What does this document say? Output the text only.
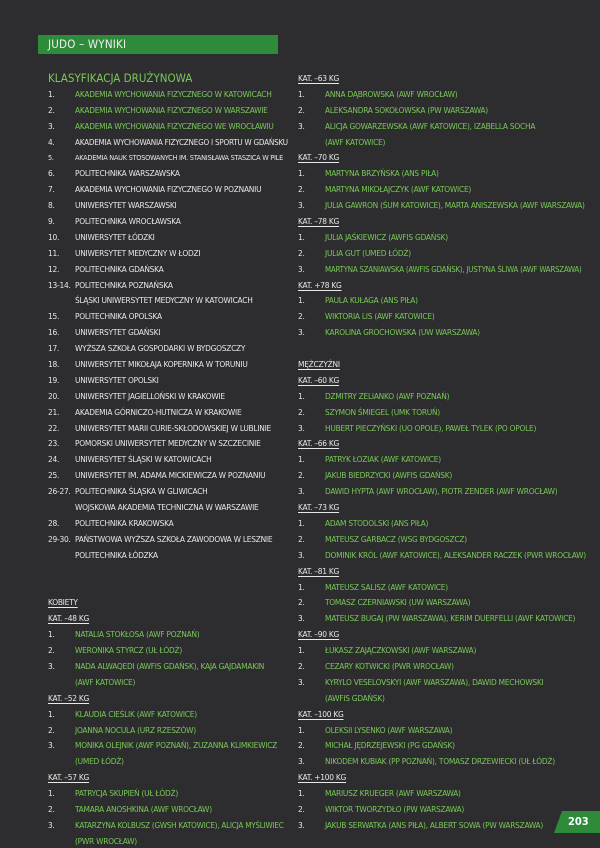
JUDO – WYNIKI
KLASYFIKACJA DRUŻYNOWA
1.	AKADEMIA WYCHOWANIA FIZYCZNEGO W KATOWICACH
2.	AKADEMIA WYCHOWANIA FIZYCZNEGO W WARSZAWIE
3.	AKADEMIA WYCHOWANIA FIZYCZNEGO WE WROCŁAWIU
4.	AKADEMIA WYCHOWANIA FIZYCZNEGO I SPORTU W GDAŃSKU
5.	AKADEMIA NAUK STOSOWANYCH IM. STANISŁAWA STASZICA W PILE
6.	POLITECHNIKA WARSZAWSKA
7.	AKADEMIA WYCHOWANIA FIZYCZNEGO W POZNANIU
8.	UNIWERSYTET WARSZAWSKI
9.	POLITECHNIKA WROCŁAWSKA
10.	UNIWERSYTET ŁÓDZKI
11.	UNIWERSYTET MEDYCZNY W ŁODZI
12.	POLITECHNIKA GDAŃSKA
13-14. POLITECHNIKA POZNAŃSKA
ŚLĄSKI UNIWERSYTET MEDYCZNY W KATOWICACH
15.	POLITECHNIKA OPOLSKA
16.	UNIWERSYTET GDAŃSKI
17.	WYŻSZA SZKOŁA GOSPODARKI W BYDGOSZCZY
18.	UNIWERSYTET MIKOŁAJA KOPERNIKA W TORUNIU
19.	UNIWERSYTET OPOLSKI
20.	UNIWERSYTET JAGIELLOŃSKI W KRAKOWIE
21.	AKADEMIA GÓRNICZO-HUTNICZA W KRAKOWIE
22.	UNIWERSYTET MARII CURIE-SKŁODOWSKIEJ W LUBLINIE
23.	POMORSKI UNIWERSYTET MEDYCZNY W SZCZECINIE
24.	UNIWERSYTET ŚLĄSKI W KATOWICACH
25.	UNIWERSYTET IM. ADAMA MICKIEWICZA W POZNANIU
26-27. POLITECHNIKA ŚLĄSKA W GLIWICACH
WOJSKOWA AKADEMIA TECHNICZNA W WARSZAWIE
28.	POLITECHNIKA KRAKOWSKA
29-30. PAŃSTWOWA WYŻSZA SZKOŁA ZAWODOWA W LESZNIE
POLITECHNIKA ŁÓDZKA
KOBIETY
KAT. –48 KG
1.	NATALIA STOKŁOSA (AWF POZNAŃ)
2.	WERONIKA STYRCZ (UŁ ŁÓDŹ)
3.	NADA ALWAQEDI (AWFIS GDAŃSK), KAJA GAJDAMAKIN
(AWF KATOWICE)
KAT. –52 KG
1.	KLAUDIA CIEŚLIK (AWF KATOWICE)
2.	JOANNA NOCULA (URZ RZESZÓW)
3.	MONIKA OLEJNIK (AWF POZNAŃ), ZUZANNA KLIMKIEWICZ
(UMED ŁÓDŹ)
KAT. –57 KG
1.	PATRYCJA SKUPIEŃ (UŁ ŁÓDŹ)
2.	TAMARA ANOSHKINA (AWF WROCŁAW)
3.	KATARZYNA KOLBUSZ (GWSH KATOWICE), ALICJA MYŚLIWIEC
(PWR WROCŁAW)
KAT. –63 KG
1.	ANNA DĄBROWSKA (AWF WROCŁAW)
2.	ALEKSANDRA SOKOŁOWSKA (PW WARSZAWA)
3.	ALICJA GOWARZEWSKA (AWF KATOWICE), IZABELLA SOCHA
(AWF KATOWICE)
KAT. –70 KG
1.	MARTYNA BRZYŃSKA (ANS PIŁA)
2.	MARTYNA MIKOŁAJCZYK (AWF KATOWICE)
3.	JULIA GAWRON (ŚUM KATOWICE), MARTA ANISZEWSKA (AWF WARSZAWA)
KAT. –78 KG
1.	JULIA JAŚKIEWICZ (AWFIS GDAŃSK)
2.	JULIA GUT (UMED ŁÓDŹ)
3.	MARTYNA SZANIAWSKA (AWFIS GDAŃSK), JUSTYNA ŚLIWA (AWF WARSZAWA)
KAT. +78 KG
1.	PAULA KUŁAGA (ANS PIŁA)
2.	WIKTORIA LIS (AWF KATOWICE)
3.	KAROLINA GROCHOWSKA (UW WARSZAWA)
MĘŻCZYŹNI
KAT. –60 KG
1.	DZMITRY ZELIANKO (AWF POZNAŃ)
2.	SZYMON ŚMIEGEL (UMK TORUŃ)
3.	HUBERT PIECZYŃSKI (UO OPOLE), PAWEŁ TYLEK (PO OPOLE)
KAT. –66 KG
1.	PATRYK ŁOZIAK (AWF KATOWICE)
2.	JAKUB BIEDRZYCKI (AWFIS GDAŃSK)
3.	DAWID HYPTA (AWF WROCŁAW), PIOTR ZENDER (AWF WROCŁAW)
KAT. –73 KG
1.	ADAM STODOLSKI (ANS PIŁA)
2.	MATEUSZ GARBACZ (WSG BYDGOSZCZ)
3.	DOMINIK KRÓL (AWF KATOWICE), ALEKSANDER RACZEK (PWR WROCŁAW)
KAT. –81 KG
1.	MATEUSZ SALISZ (AWF KATOWICE)
2.	TOMASZ CZERNIAWSKI (UW WARSZAWA)
3.	MATEUSZ BUGAJ (PW WARSZAWA), KERIM DUERFELLI (AWF KATOWICE)
KAT. –90 KG
1.	ŁUKASZ ZAJĄCZKOWSKI (AWF WARSZAWA)
2.	CEZARY KOTWICKI (PWR WROCŁAW)
3.	KYRYLO VESELOVSKYI (AWF WARSZAWA), DAWID MECHOWSKI
(AWFIS GDAŃSK)
KAT. –100 KG
1.	OLEKSII LYSENKO (AWF WARSZAWA)
2.	MICHAŁ JĘDRZEJEWSKI (PG GDAŃSK)
3.	NIKODEM KUBIAK (PP POZNAŃ), TOMASZ DRZEWIECKI (UŁ ŁÓDŹ)
KAT. +100 KG
1.	MARIUSZ KRUEGER (AWF WARSZAWA)
2.	WIKTOR TWORZYDŁO (PW WARSZAWA)
3.	JAKUB SERWATKA (ANS PIŁA), ALBERT SOWA (PW WARSZAWA) 203
